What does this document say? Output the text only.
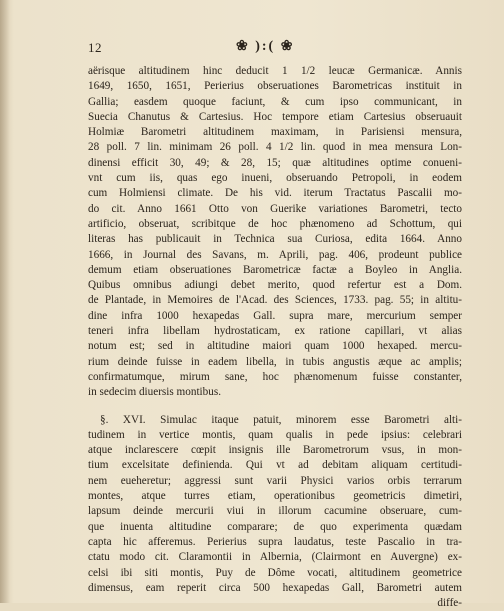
12	❀ ):( ❀
aërisque altitudinem hinc deducit 1 1/2 leucæ Germanicæ. Annis
1649, 1650, 1651, Perierius obseruationes Barometricas instituit in
Gallia; easdem quoque faciunt, & cum ipso communicant, in
Suecia Chanutus & Cartesius. Hoc tempore etiam Cartesius obseruauit
Holmiæ Barometri altitudinem maximam, in Parisiensi mensura,
28 poll. 7 lin. minimam 26 poll. 4 1/2 lin. quod in mea mensura Lon-
dinensi efficit 30, 49; & 28, 15; quæ altitudines optime conueni-
vnt cum iis, quas ego inueni, obseruando Petropoli, in eodem
cum Holmiensi climate. De his vid. iterum Tractatus Pascalii mo-
do cit. Anno 1661 Otto von Guerike variationes Barometri, tecto
artificio, obseruat, scribitque de hoc phænomeno ad Schottum, qui
literas has publicauit in Technica sua Curiosa, edita 1664. Anno
1666, in Journal des Savans, m. Aprili, pag. 406, prodeunt publice
demum etiam obseruationes Barometricæ factæ a Boyleo in Anglia.
Quibus omnibus adiungi debet merito, quod refertur est a Dom.
de Plantade, in Memoires de l'Acad. des Sciences, 1733. pag. 55; in altitu-
dine infra 1000 hexapedas Gall. supra mare, mercurium semper
teneri infra libellam hydrostaticam, ex ratione capillari, vt alias
notum est; sed in altitudine maiori quam 1000 hexaped. mercu-
rium deinde fuisse in eadem libella, in tubis angustis æque ac amplis;
confirmatumque, mirum sane, hoc phænomenum fuisse constanter,
in sedecim diuersis montibus.
§. XVI. Simulac itaque patuit, minorem esse Barometri alti-
tudinem in vertice montis, quam qualis in pede ipsius: celebrari
atque inclarescere cœpit insignis ille Barometrorum vsus, in mon-
tium excelsitate definienda. Qui vt ad debitam aliquam certitudi-
nem eueheretur; aggressi sunt varii Physici varios orbis terrarum
montes, atque turres etiam, operationibus geometricis dimetiri,
lapsum deinde mercurii viui in illorum cacumine obseruare, cum-
que inuenta altitudine comparare; de quo experimenta quædam
capta hic afferemus. Perierius supra laudatus, teste Pascalio in tra-
ctatu modo cit. Claramontii in Albernia, (Clairmont en Auvergne) ex-
celsi ibi siti montis, Puy de Dôme vocati, altitudinem geometrice
dimensus, eam reperit circa 500 hexapedas Gall, Barometri autem
diffe-
